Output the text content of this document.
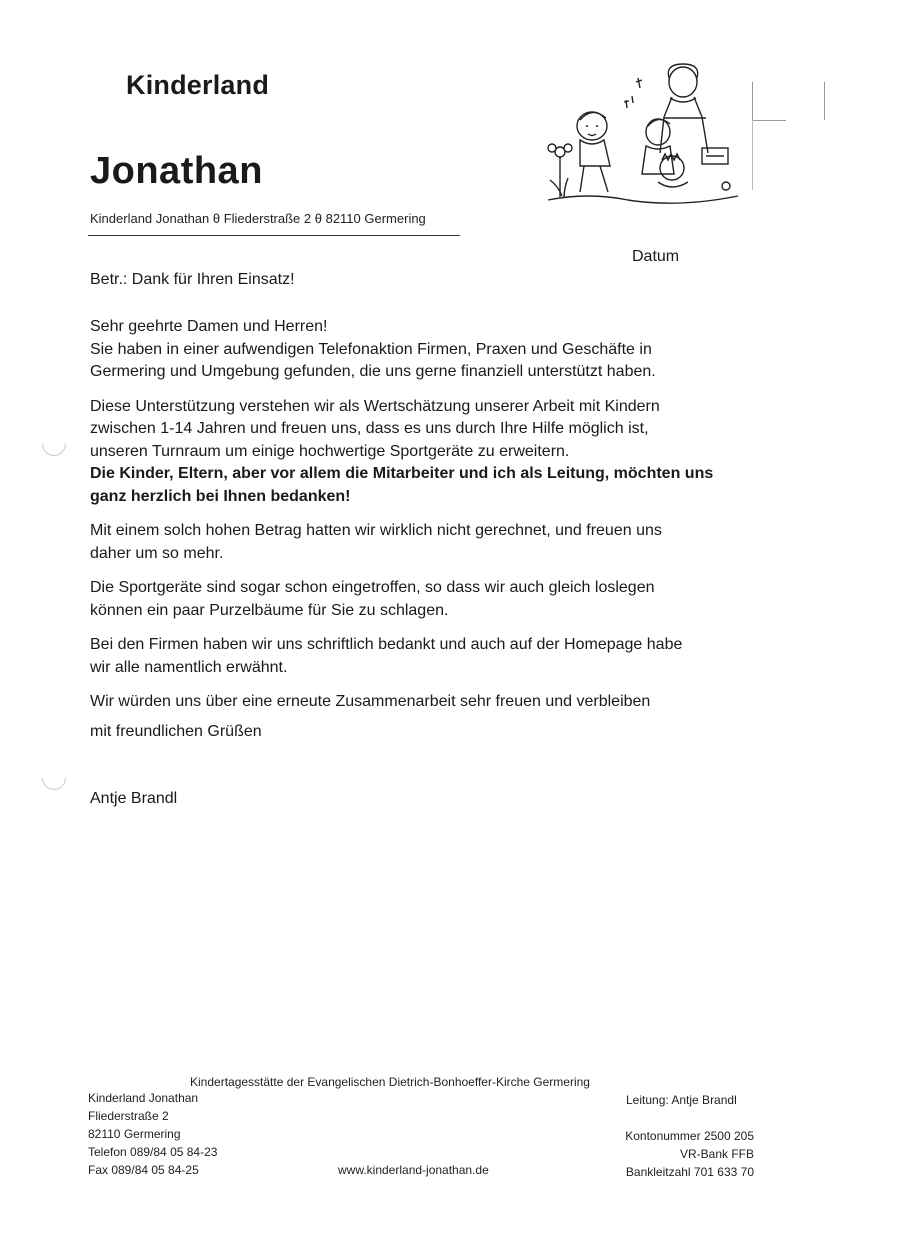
Kinderland
Jonathan
Kinderland Jonathan θ Fliederstraße 2 θ 82110 Germering
Datum
Betr.: Dank für Ihren Einsatz!

Sehr geehrte Damen und Herren!
Sie haben in einer aufwendigen Telefonaktion Firmen, Praxen und Geschäfte in
Germering und Umgebung gefunden, die uns gerne finanziell unterstützt haben.

Diese Unterstützung verstehen wir als Wertschätzung unserer Arbeit mit Kindern
zwischen 1-14 Jahren und freuen uns, dass es uns durch Ihre Hilfe möglich ist,
unseren Turnraum um einige hochwertige Sportgeräte zu erweitern.

Die Kinder, Eltern, aber vor allem die Mitarbeiter und ich als Leitung, möchten uns
ganz herzlich bei Ihnen bedanken!

Mit einem solch hohen Betrag hatten wir wirklich nicht gerechnet, und freuen uns
daher um so mehr.

Die Sportgeräte sind sogar schon eingetroffen, so dass wir auch gleich loslegen
können ein paar Purzelbäume für Sie zu schlagen.

Bei den Firmen haben wir uns schriftlich bedankt und auch auf der Homepage habe
wir alle namentlich erwähnt.

Wir würden uns über eine erneute Zusammenarbeit sehr freuen und verbleiben

mit freundlichen Grüßen
Antje Brandl
Kindertagesstätte der Evangelischen Dietrich-Bonhoeffer-Kirche Germering
Kinderland Jonathan
Fliederstraße 2
82110 Germering
Telefon 089/84 05 84-23
Fax 089/84 05 84-25	www.kinderland-jonathan.de
Leitung: Antje Brandl
Kontonummer 2500 205
VR-Bank FFB
Bankleitzahl 701 633 70
